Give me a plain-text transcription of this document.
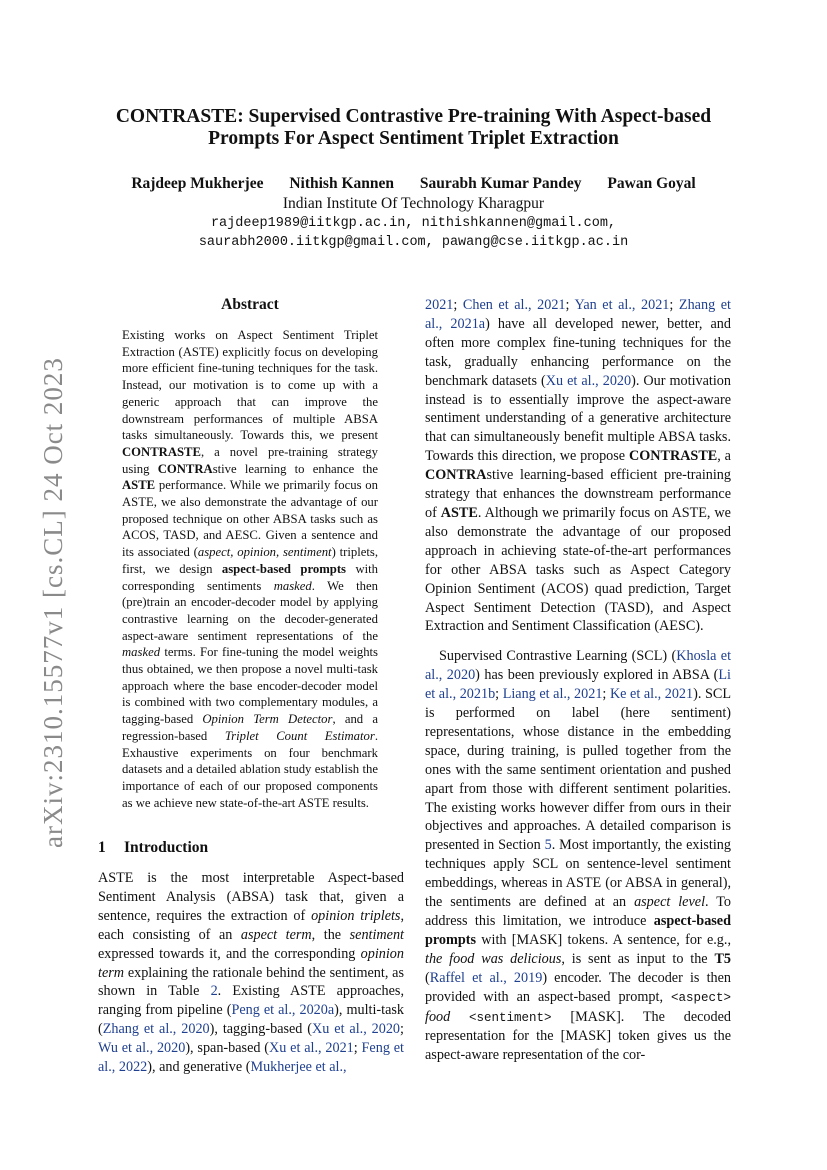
arXiv:2310.15577v1 [cs.CL] 24 Oct 2023
CONTRASTE: Supervised Contrastive Pre-training With Aspect-based
Prompts For Aspect Sentiment Triplet Extraction
Rajdeep Mukherjee Nithish Kannen Saurabh Kumar Pandey Pawan Goyal
Indian Institute Of Technology Kharagpur
rajdeep1989@iitkgp.ac.in, nithishkannen@gmail.com,
saurabh2000.iitkgp@gmail.com, pawang@cse.iitkgp.ac.in
Abstract

Existing works on Aspect Sentiment Triplet Extraction (ASTE) explicitly focus on developing more efficient fine-tuning techniques for the task. Instead, our motivation is to come up with a generic approach that can improve the downstream performances of multiple ABSA tasks simultaneously. Towards this, we present CONTRASTE, a novel pre-training strategy using CONTRAstive learning to enhance the ASTE performance. While we primarily focus on ASTE, we also demonstrate the advantage of our proposed technique on other ABSA tasks such as ACOS, TASD, and AESC. Given a sentence and its associated (aspect, opinion, sentiment) triplets, first, we design aspect-based prompts with corresponding sentiments masked. We then (pre)train an encoder-decoder model by applying contrastive learning on the decoder-generated aspect-aware sentiment representations of the masked terms. For fine-tuning the model weights thus obtained, we then propose a novel multi-task approach where the base encoder-decoder model is combined with two complementary modules, a tagging-based Opinion Term Detector, and a regression-based Triplet Count Estimator. Exhaustive experiments on four benchmark datasets and a detailed ablation study establish the importance of each of our proposed components as we achieve new state-of-the-art ASTE results.

1 Introduction

ASTE is the most interpretable Aspect-based Sentiment Analysis (ABSA) task that, given a sentence, requires the extraction of opinion triplets, each consisting of an aspect term, the sentiment expressed towards it, and the corresponding opinion term explaining the rationale behind the sentiment, as shown in Table 2. Existing ASTE approaches, ranging from pipeline (Peng et al., 2020a), multi-task (Zhang et al., 2020), tagging-based (Xu et al., 2020; Wu et al., 2020), span-based (Xu et al., 2021; Feng et al., 2022), and generative (Mukherjee et al.,

2021; Chen et al., 2021; Yan et al., 2021; Zhang et al., 2021a) have all developed newer, better, and often more complex fine-tuning techniques for the task, gradually enhancing performance on the benchmark datasets (Xu et al., 2020). Our motivation instead is to essentially improve the aspect-aware sentiment understanding of a generative architecture that can simultaneously benefit multiple ABSA tasks. Towards this direction, we propose CONTRASTE, a CONTRAstive learning-based efficient pre-training strategy that enhances the downstream performance of ASTE. Although we primarily focus on ASTE, we also demonstrate the advantage of our proposed approach in achieving state-of-the-art performances for other ABSA tasks such as Aspect Category Opinion Sentiment (ACOS) quad prediction, Target Aspect Sentiment Detection (TASD), and Aspect Extraction and Sentiment Classification (AESC).

Supervised Contrastive Learning (SCL) (Khosla et al., 2020) has been previously explored in ABSA (Li et al., 2021b; Liang et al., 2021; Ke et al., 2021). SCL is performed on label (here sentiment) representations, whose distance in the embedding space, during training, is pulled together from the ones with the same sentiment orientation and pushed apart from those with different sentiment polarities. The existing works however differ from ours in their objectives and approaches. A detailed comparison is presented in Section 5. Most importantly, the existing techniques apply SCL on sentence-level sentiment embeddings, whereas in ASTE (or ABSA in general), the sentiments are defined at an aspect level. To address this limitation, we introduce aspect-based prompts with [MASK] tokens. A sentence, for e.g., the food was delicious, is sent as input to the T5 (Raffel et al., 2019) encoder. The decoder is then provided with an aspect-based prompt, <aspect> food <sentiment> [MASK]. The decoded representation for the [MASK] token gives us the aspect-aware representation of the cor-
